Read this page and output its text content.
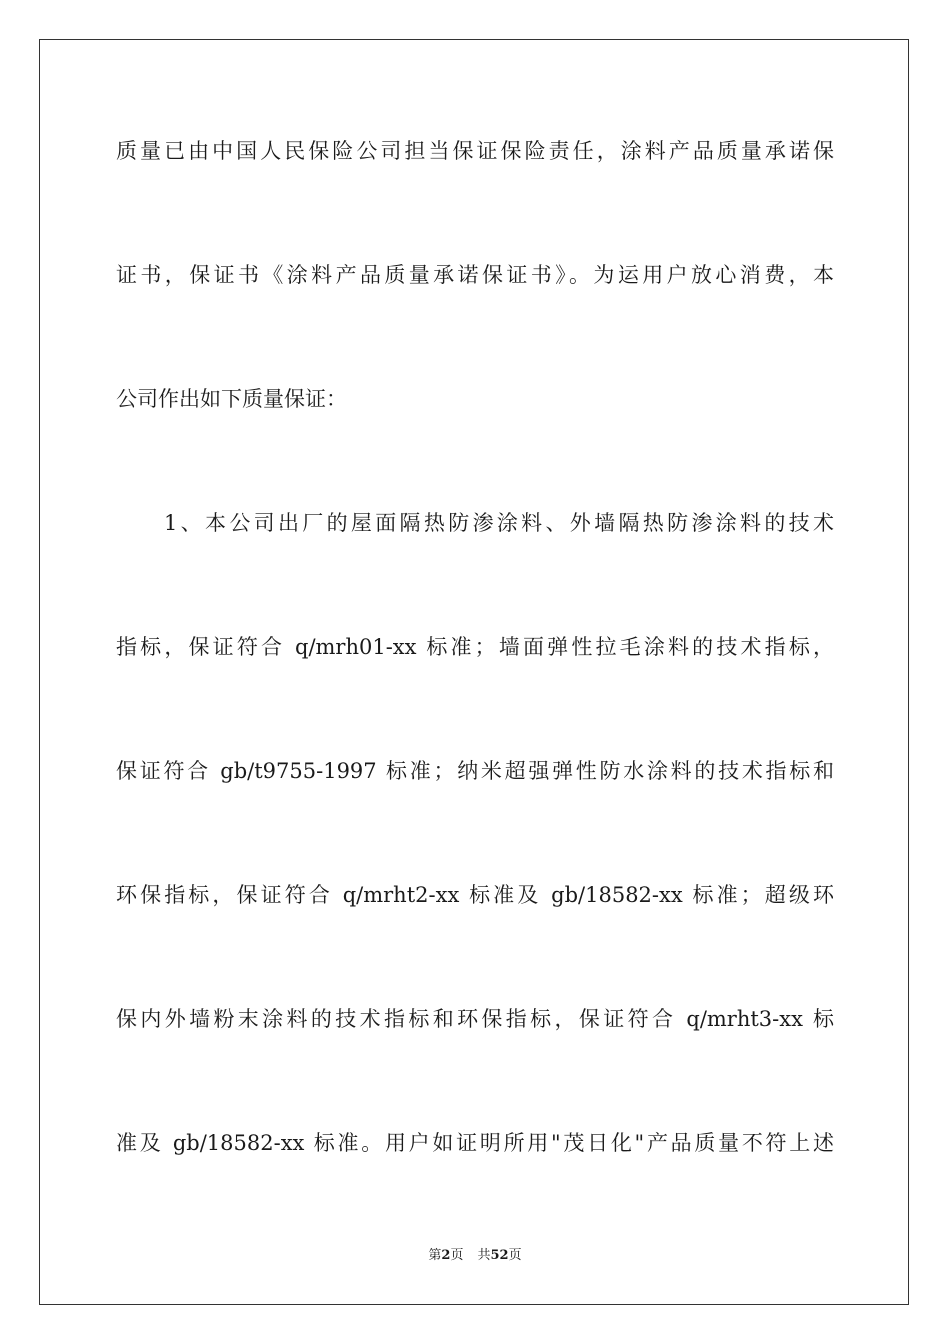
质量已由中国人民保险公司担当保证保险责任，涂料产品质量承诺保
证书，保证书《涂料产品质量承诺保证书》。为运用户放心消费，本
公司作出如下质量保证：
1、本公司出厂的屋面隔热防渗涂料、外墙隔热防渗涂料的技术
指标，保证符合 q/mrh01-xx 标准；墙面弹性拉毛涂料的技术指标，
保证符合 gb/t9755-1997 标准；纳米超强弹性防水涂料的技术指标和
环保指标，保证符合 q/mrht2-xx 标准及 gb/18582-xx 标准；超级环
保内外墙粉末涂料的技术指标和环保指标，保证符合 q/mrht3-xx 标
准及 gb/18582-xx 标准。用户如证明所用"茂日化"产品质量不符上述
第2页 共52页
